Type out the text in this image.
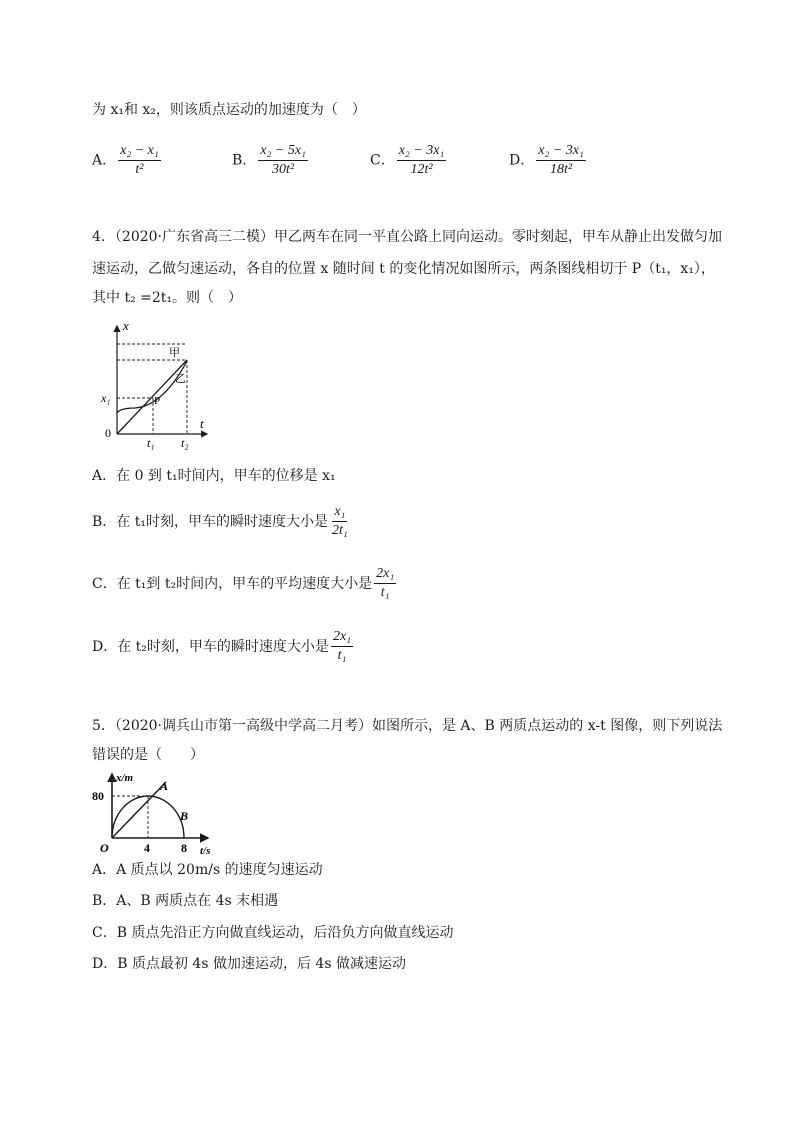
为 x₁和 x₂，则该质点运动的加速度为（　）
A． $\frac{\text{x₂ − x₁}}{\text{t²}}$	B． $\frac{\text{x₂ − 5x₁}}{\text{30t²}}$	C． $\frac{\text{x₂ − 3x₁}}{\text{12t²}}$	D． $\frac{\text{x₂ − 3x₁}}{\text{18t²}}$
4．（2020·广东省高三二模）甲乙两车在同一平直公路上同向运动。零时刻起，甲车从静止出发做匀加
速运动，乙做匀速运动，各自的位置 x 随时间 t 的变化情况如图所示，两条图线相切于 P（t₁，x₁），
其中 t₂ =2t₁。则（　）
x
t
0
x₁	P
甲
乙
t₁ t₂
A．在 0 到 t₁时间内，甲车的位移是 x₁
B． 在 t₁时刻，甲车的瞬时速度大小是 $\frac{\text{x₁}}{\text{2t₁}}$
C． 在 t₁到 t₂时间内，甲车的平均速度大小是 $\frac{\text{2x₁}}{\text{t₁}}$
D． 在 t₂时刻，甲车的瞬时速度大小是 $\frac{\text{2x₁}}{\text{t₁}}$
5．（2020·调兵山市第一高级中学高二月考）如图所示，是 A、B 两质点运动的 x-t 图像，则下列说法
错误的是（　　）
x/m
t/s
80
O	4	8
A
B
A．A 质点以 20m/s 的速度匀速运动
B．A、B 两质点在 4s 末相遇
C．B 质点先沿正方向做直线运动，后沿负方向做直线运动
D．B 质点最初 4s 做加速运动，后 4s 做减速运动
